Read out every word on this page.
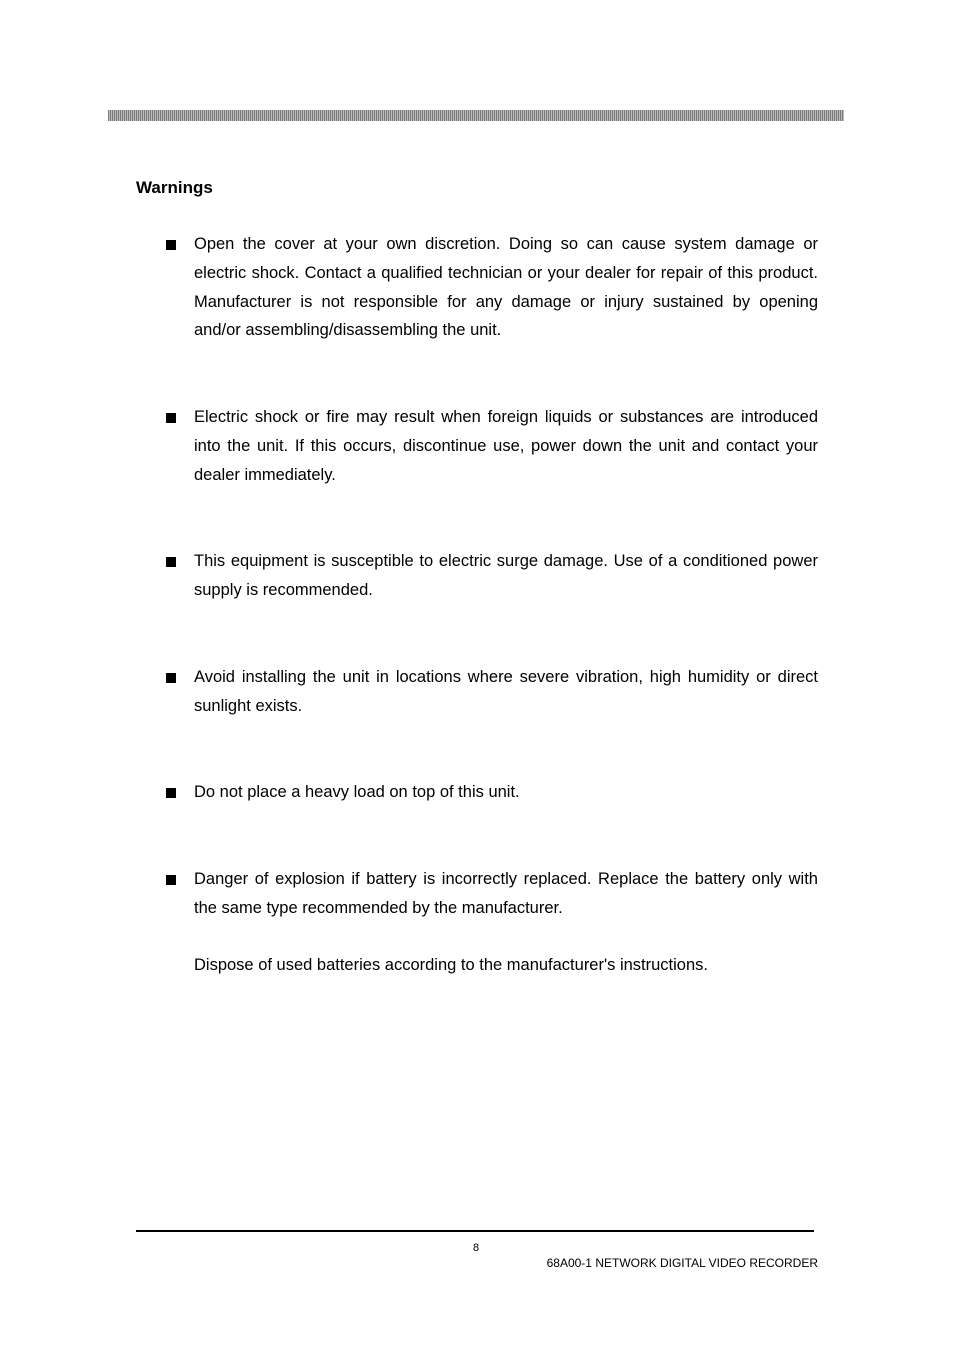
Warnings

Open the cover at your own discretion. Doing so can cause system damage or electric shock. Contact a qualified technician or your dealer for repair of this product. Manufacturer is not responsible for any damage or injury sustained by opening and/or assembling/disassembling the unit.

Electric shock or fire may result when foreign liquids or substances are introduced into the unit. If this occurs, discontinue use, power down the unit and contact your dealer immediately.

This equipment is susceptible to electric surge damage. Use of a conditioned power supply is recommended.

Avoid installing the unit in locations where severe vibration, high humidity or direct sunlight exists.

Do not place a heavy load on top of this unit.

Danger of explosion if battery is incorrectly replaced. Replace the battery only with the same type recommended by the manufacturer.

Dispose of used batteries according to the manufacturer's instructions.

8
68A00-1 NETWORK DIGITAL VIDEO RECORDER
